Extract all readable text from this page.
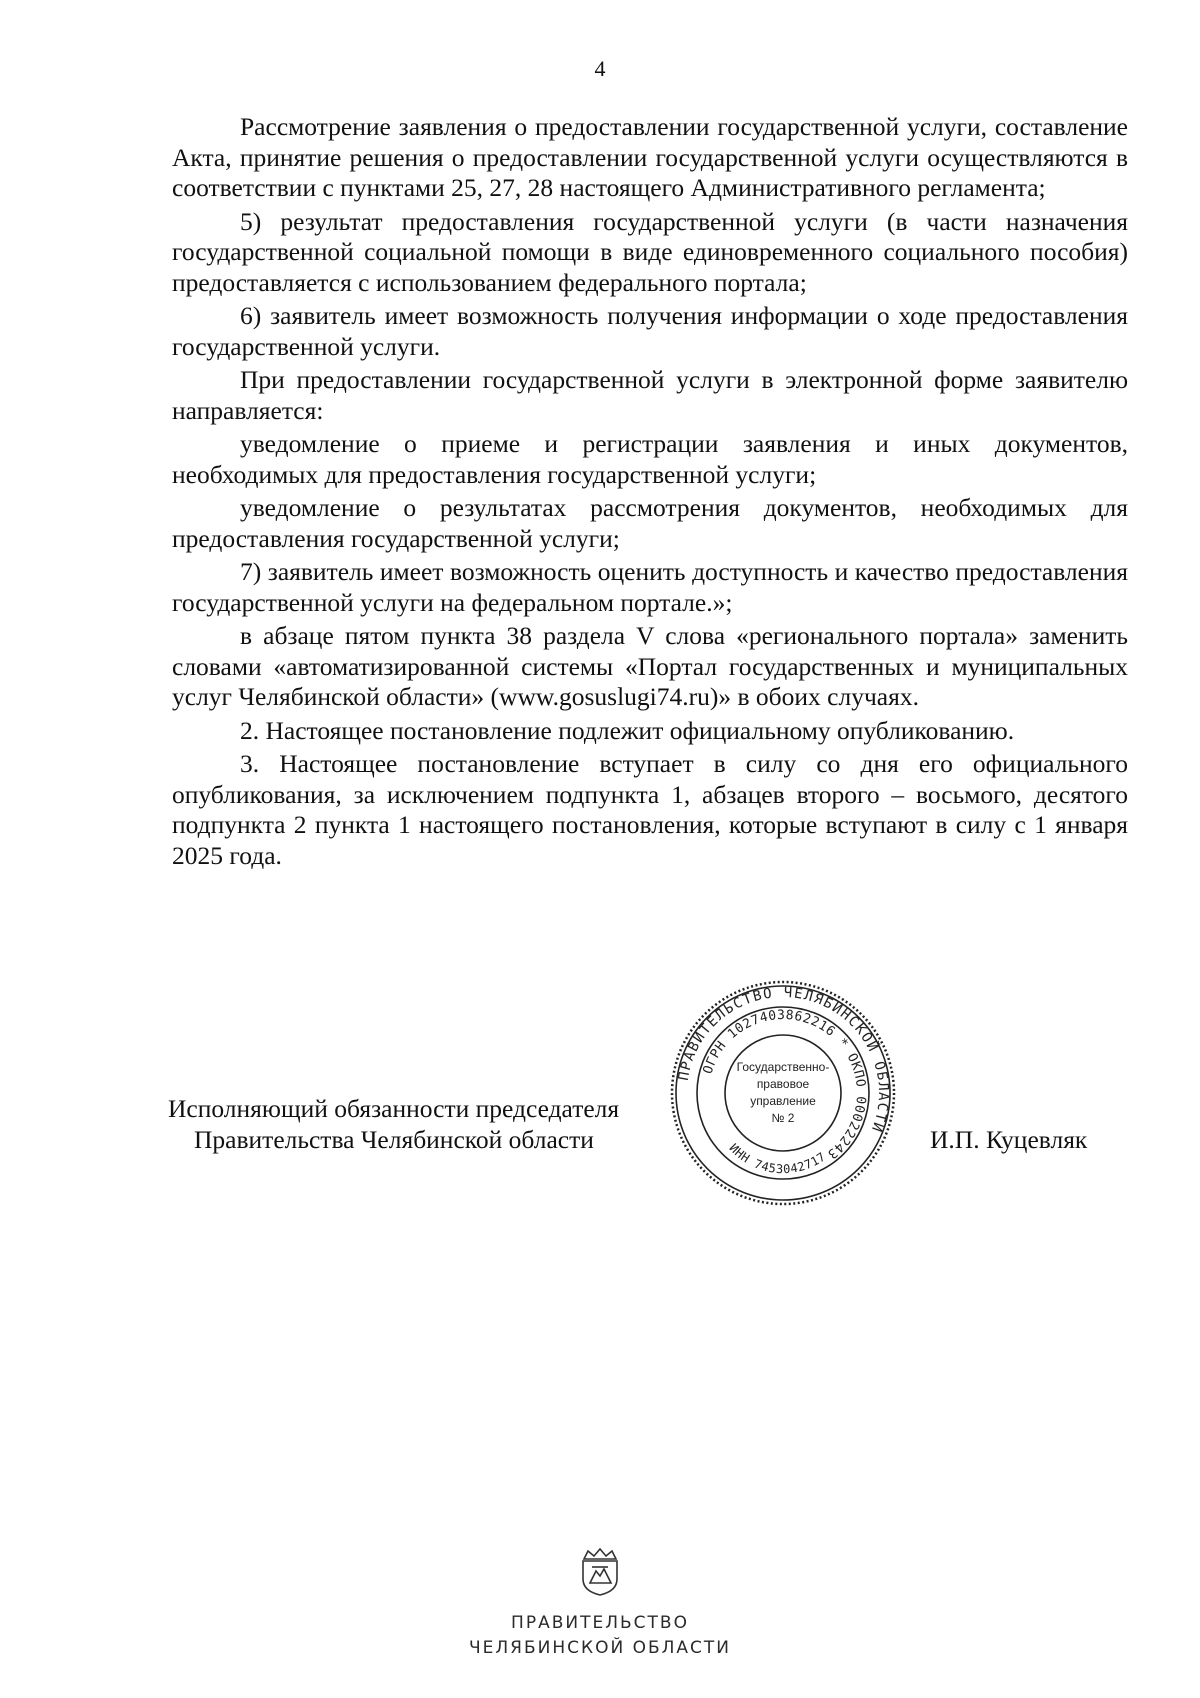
4

Рассмотрение заявления о предоставлении государственной услуги, составление Акта, принятие решения о предоставлении государственной услуги осуществляются в соответствии с пунктами 25, 27, 28 настоящего Административного регламента;

5) результат предоставления государственной услуги (в части назначения государственной социальной помощи в виде единовременного социального пособия) предоставляется с использованием федерального портала;

6) заявитель имеет возможность получения информации о ходе предоставления государственной услуги.

При предоставлении государственной услуги в электронной форме заявителю направляется:

уведомление о приеме и регистрации заявления и иных документов, необходимых для предоставления государственной услуги;

уведомление о результатах рассмотрения документов, необходимых для предоставления государственной услуги;

7) заявитель имеет возможность оценить доступность и качество предоставления государственной услуги на федеральном портале.»;

в абзаце пятом пункта 38 раздела V слова «регионального портала» заменить словами «автоматизированной системы «Портал государственных и муниципальных услуг Челябинской области» (www.gosuslugi74.ru)» в обоих случаях.

2. Настоящее постановление подлежит официальному опубликованию.

3. Настоящее постановление вступает в силу со дня его официального опубликования, за исключением подпункта 1, абзацев второго – восьмого, десятого подпункта 2 пункта 1 настоящего постановления, которые вступают в силу с 1 января 2025 года.

Исполняющий обязанности председателя
Правительства Челябинской области
ПРАВИТЕЛЬСТВО ЧЕЛЯБИНСКОЙ ОБЛАСТИ
ОГРН 1027403862216 * ОКПО 00022243
ИНН 7453042717
Государственно-
правовое
управление
№ 2
И.П. Куцевляк
ПРАВИТЕЛЬСТВО
ЧЕЛЯБИНСКОЙ ОБЛАСТИ
